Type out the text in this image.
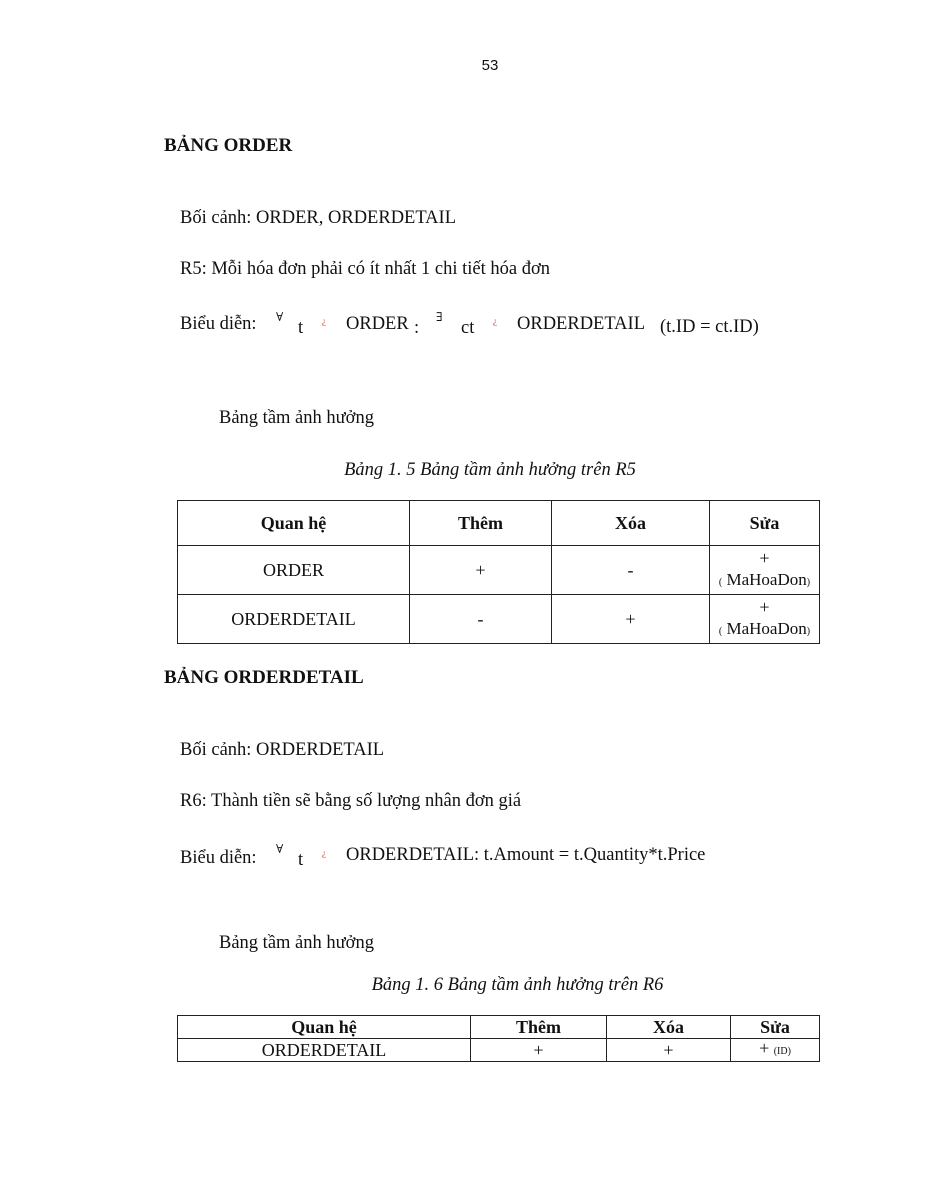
53
BẢNG ORDER
Bối cảnh: ORDER, ORDERDETAIL
R5: Mỗi hóa đơn phải có ít nhất 1 chi tiết hóa đơn
Biểu diễn: ∀
t ¿ ORDER :
∃
ct ¿ ORDERDETAIL (t.ID = ct.ID)
Bảng tầm ảnh hưởng
Bảng 1. 5 Bảng tầm ảnh hưởng trên R5
Quan hệ	Thêm	Xóa	Sửa
ORDER	+	-	+
( MaHoaDon)

ORDERDETAIL	-	+	+
( MaHoaDon)
BẢNG ORDERDETAIL
Bối cảnh: ORDERDETAIL
R6: Thành tiền sẽ bằng số lượng nhân đơn giá
Biểu diễn: ∀
t ¿ ORDERDETAIL: t.Amount = t.Quantity*t.Price
Bảng tầm ảnh hưởng
Bảng 1. 6 Bảng tầm ảnh hưởng trên R6
Quan hệ	Thêm	Xóa	Sửa
ORDERDETAIL	+	+	+ (ID)
